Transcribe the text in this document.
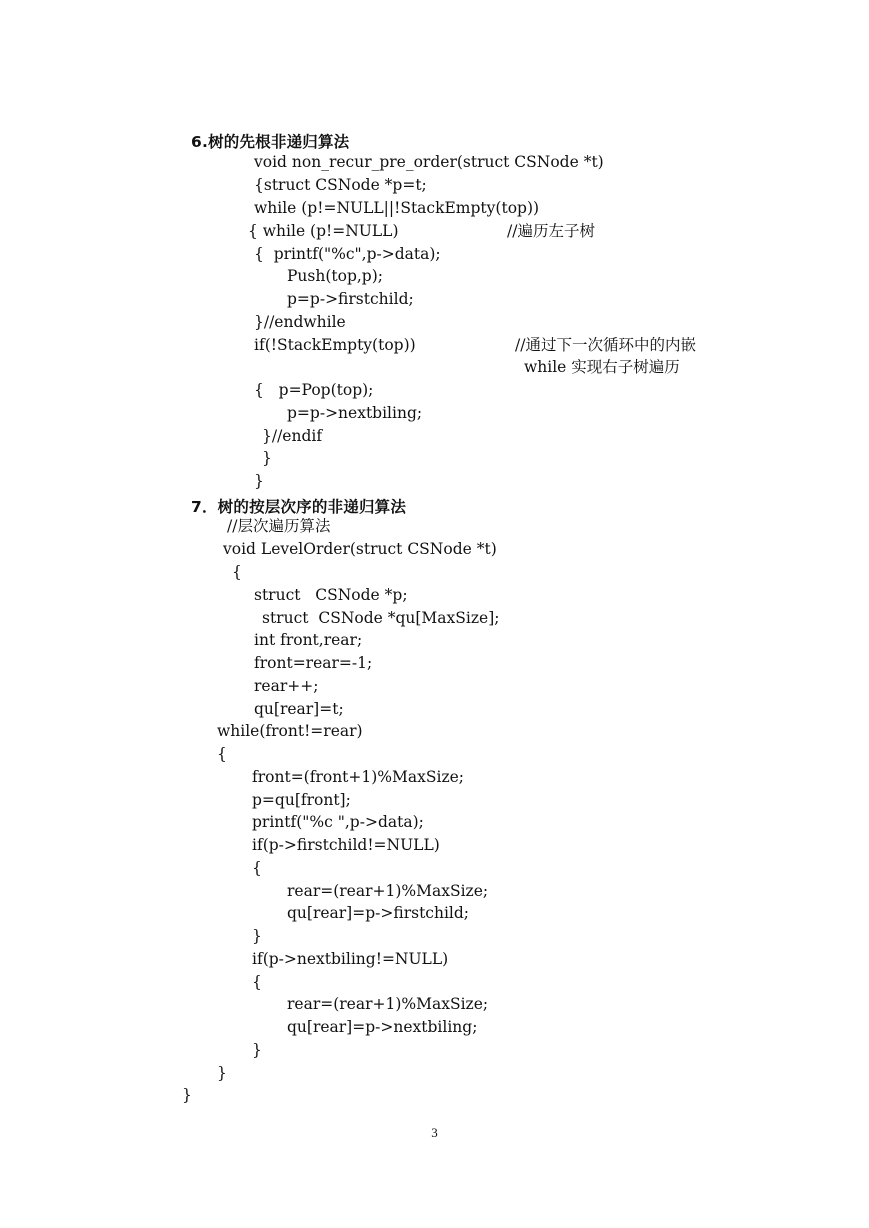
6.树的先根非递归算法
void non_recur_pre_order(struct CSNode *t)
{struct CSNode *p=t;
while (p!=NULL||!StackEmpty(top))
{ while (p!=NULL)	//遍历左子树
{  printf("%c",p->data);
Push(top,p);
p=p->firstchild;
}//endwhile
if(!StackEmpty(top))	//通过下一次循环中的内嵌
while 实现右子树遍历
{   p=Pop(top);
p=p->nextbiling;
}//endif
}
}
7．树的按层次序的非递归算法
//层次遍历算法
void LevelOrder(struct CSNode *t)
{
struct   CSNode *p;
struct  CSNode *qu[MaxSize];
int front,rear;
front=rear=-1;
rear++;
qu[rear]=t;
while(front!=rear)
{
front=(front+1)%MaxSize;
p=qu[front];
printf("%c ",p->data);
if(p->firstchild!=NULL)
{
rear=(rear+1)%MaxSize;
qu[rear]=p->firstchild;
}
if(p->nextbiling!=NULL)
{
rear=(rear+1)%MaxSize;
qu[rear]=p->nextbiling;
}
}
}
3
